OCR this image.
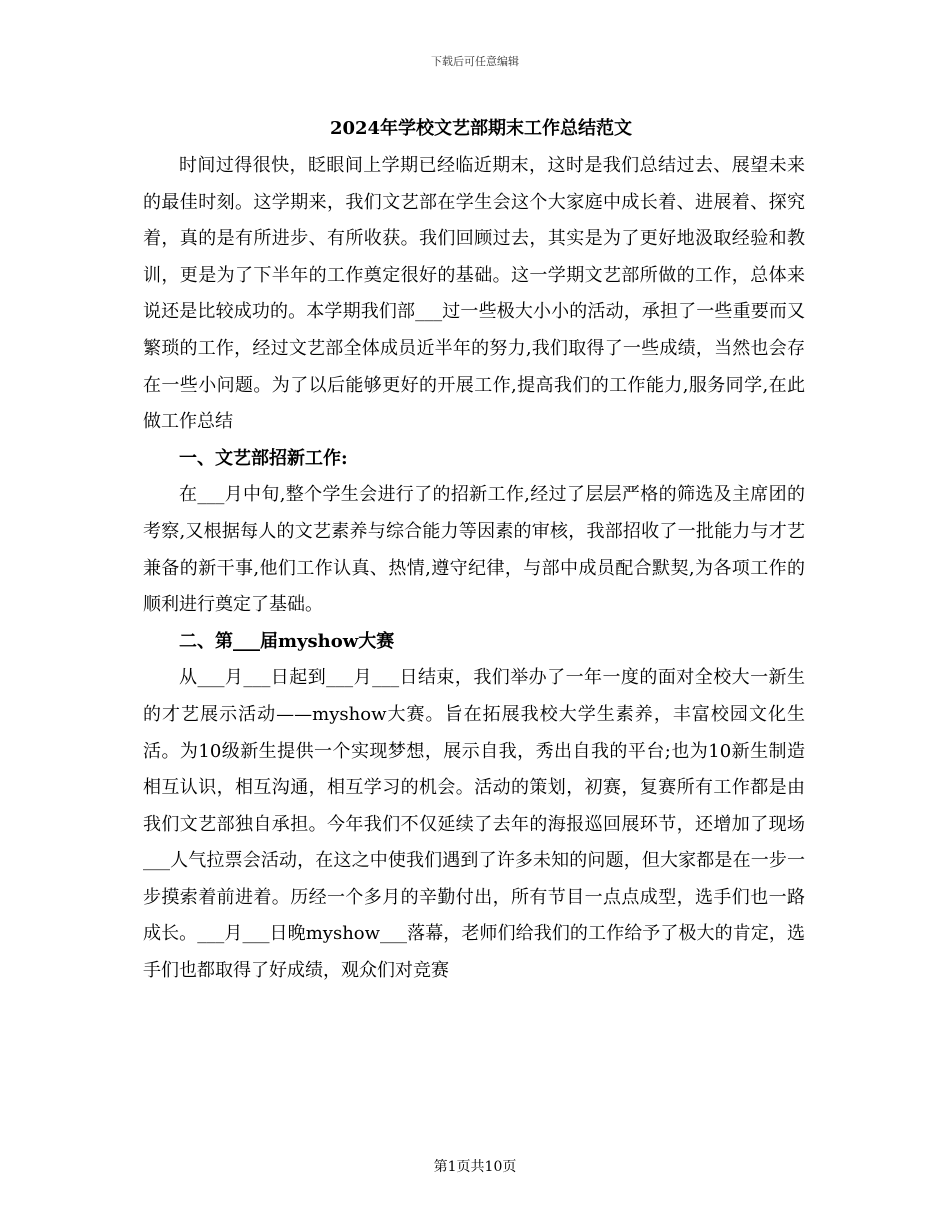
下载后可任意编辑
2024年学校文艺部期末工作总结范文

时间过得很快，眨眼间上学期已经临近期末，这时是我们总结过去、展望未来的最佳时刻。这学期来，我们文艺部在学生会这个大家庭中成长着、进展着、探究着，真的是有所进步、有所收获。我们回顾过去，其实是为了更好地汲取经验和教训，更是为了下半年的工作奠定很好的基础。这一学期文艺部所做的工作，总体来说还是比较成功的。本学期我们部___过一些极大小小的活动，承担了一些重要而又繁琐的工作，经过文艺部全体成员近半年的努力,我们取得了一些成绩，当然也会存在一些小问题。为了以后能够更好的开展工作,提高我们的工作能力,服务同学,在此做工作总结

一、文艺部招新工作:

在___月中旬,整个学生会进行了的招新工作,经过了层层严格的筛选及主席团的考察,又根据每人的文艺素养与综合能力等因素的审核，我部招收了一批能力与才艺兼备的新干事,他们工作认真、热情,遵守纪律，与部中成员配合默契,为各项工作的顺利进行奠定了基础。

二、第___届myshow大赛

从___月___日起到___月___日结束，我们举办了一年一度的面对全校大一新生的才艺展示活动——myshow大赛。旨在拓展我校大学生素养，丰富校园文化生活。为10级新生提供一个实现梦想，展示自我，秀出自我的平台;也为10新生制造相互认识，相互沟通，相互学习的机会。活动的策划，初赛，复赛所有工作都是由我们文艺部独自承担。今年我们不仅延续了去年的海报巡回展环节，还增加了现场___人气拉票会活动，在这之中使我们遇到了许多未知的问题，但大家都是在一步一步摸索着前进着。历经一个多月的辛勤付出，所有节目一点点成型，选手们也一路成长。___月___日晚myshow___落幕，老师们给我们的工作给予了极大的肯定，选手们也都取得了好成绩，观众们对竞赛

第1页共10页
